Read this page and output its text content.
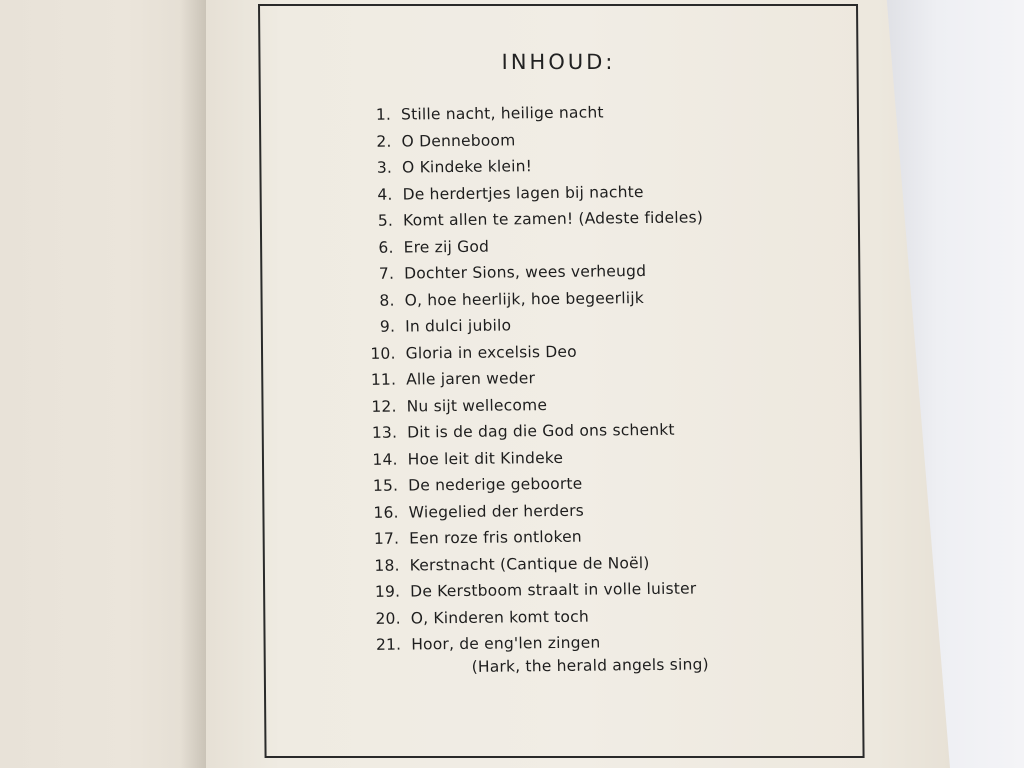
INHOUD:
1. Stille nacht, heilige nacht
2. O Denneboom
3. O Kindeke klein!
4. De herdertjes lagen bij nachte
5. Komt allen te zamen! (Adeste fideles)
6. Ere zij God
7. Dochter Sions, wees verheugd
8. O, hoe heerlijk, hoe begeerlijk
9. In dulci jubilo
10. Gloria in excelsis Deo
11. Alle jaren weder
12. Nu sijt wellecome
13. Dit is de dag die God ons schenkt
14. Hoe leit dit Kindeke
15. De nederige geboorte
16. Wiegelied der herders
17. Een roze fris ontloken
18. Kerstnacht (Cantique de Noël)
19. De Kerstboom straalt in volle luister
20. O, Kinderen komt toch
21. Hoor, de eng'len zingen
(Hark, the herald angels sing)
